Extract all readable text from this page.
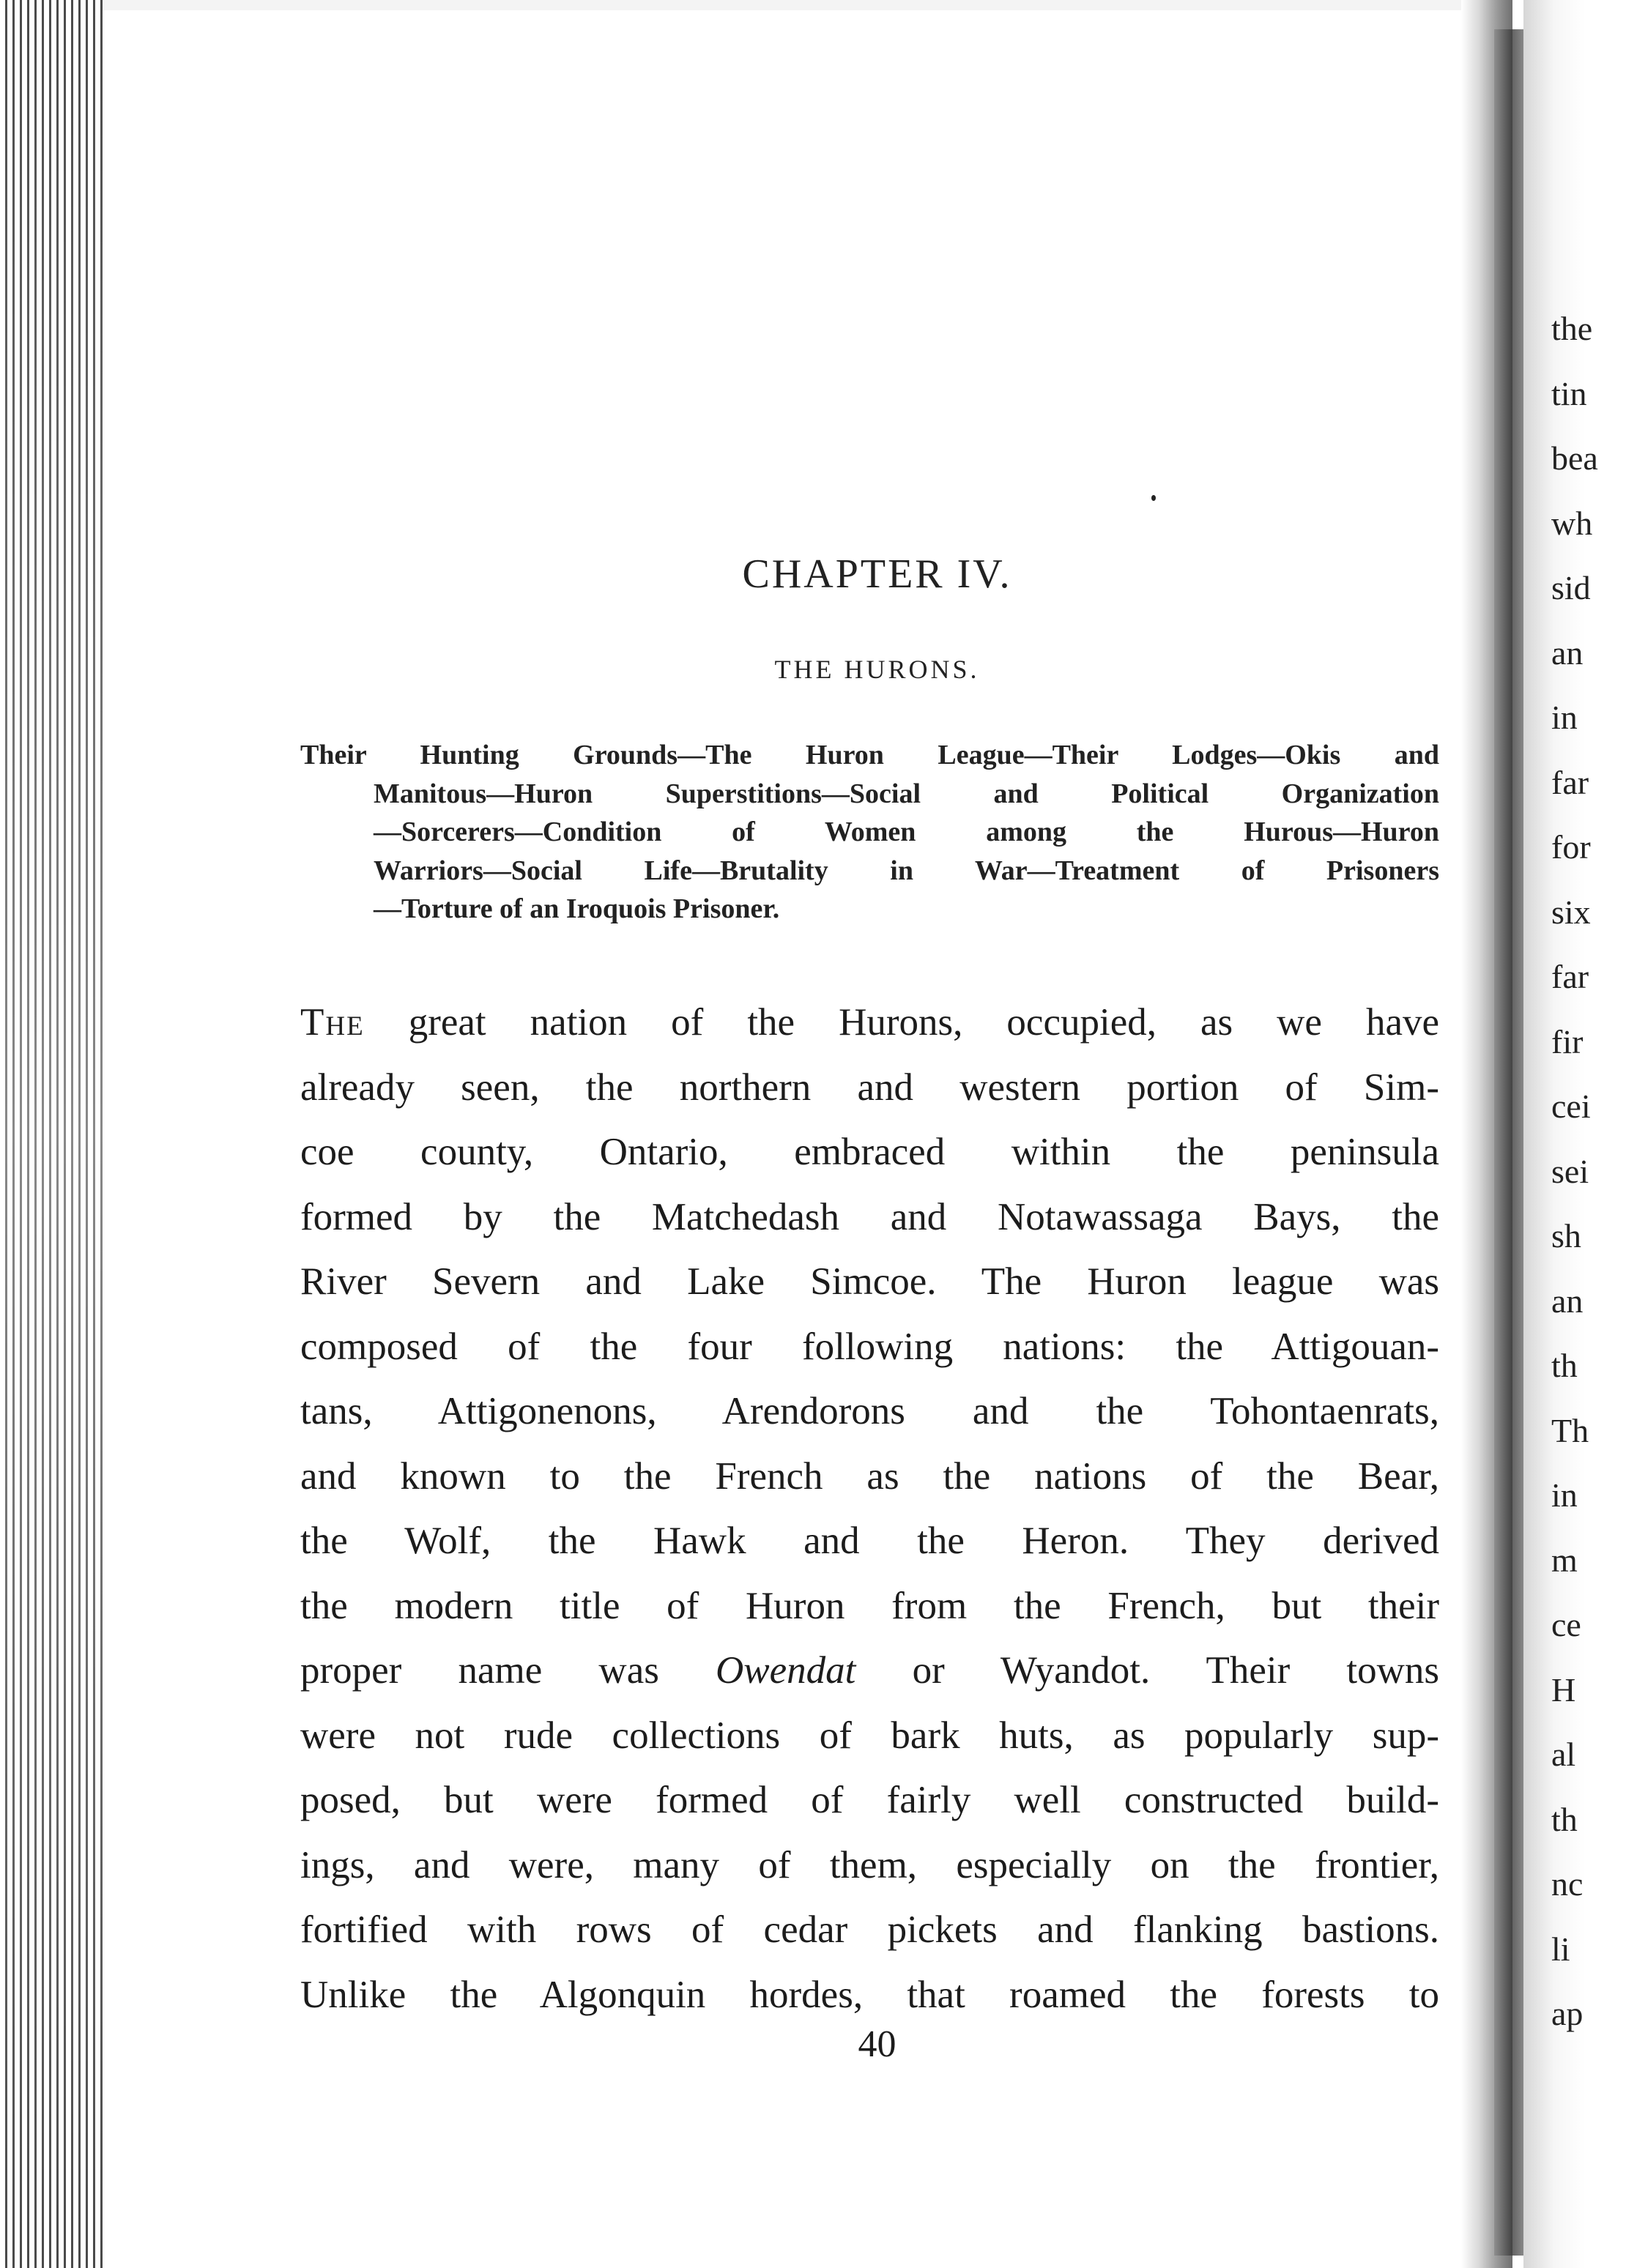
CHAPTER IV.
THE HURONS.
Their Hunting Grounds—The Huron League—Their Lodges—Okis and
Manitous—Huron Superstitions—Social and Political Organization
—Sorcerers—Condition of Women among the Hurous—Huron
Warriors—Social Life—Brutality in War—Treatment of Prisoners
—Torture of an Iroquois Prisoner.
The great nation of the Hurons, occupied, as we have
already seen, the northern and western portion of Sim-
coe county, Ontario, embraced within the peninsula
formed by the Matchedash and Notawassaga Bays, the
River Severn and Lake Simcoe. The Huron league was
composed of the four following nations: the Attigouan-
tans, Attigonenons, Arendorons and the Tohontaenrats,
and known to the French as the nations of the Bear,
the Wolf, the Hawk and the Heron. They derived
the modern title of Huron from the French, but their
proper name was Owendat or Wyandot. Their towns
were not rude collections of bark huts, as popularly sup-
posed, but were formed of fairly well constructed build-
ings, and were, many of them, especially on the frontier,
fortified with rows of cedar pickets and flanking bastions.
Unlike the Algonquin hordes, that roamed the forests to
40
the
tin
bea
wh
sid
an
in
far
for
six
far
fir
cei
sei
sh
an
th
Th
in
m
ce
H
al
th
nc
li
ap
